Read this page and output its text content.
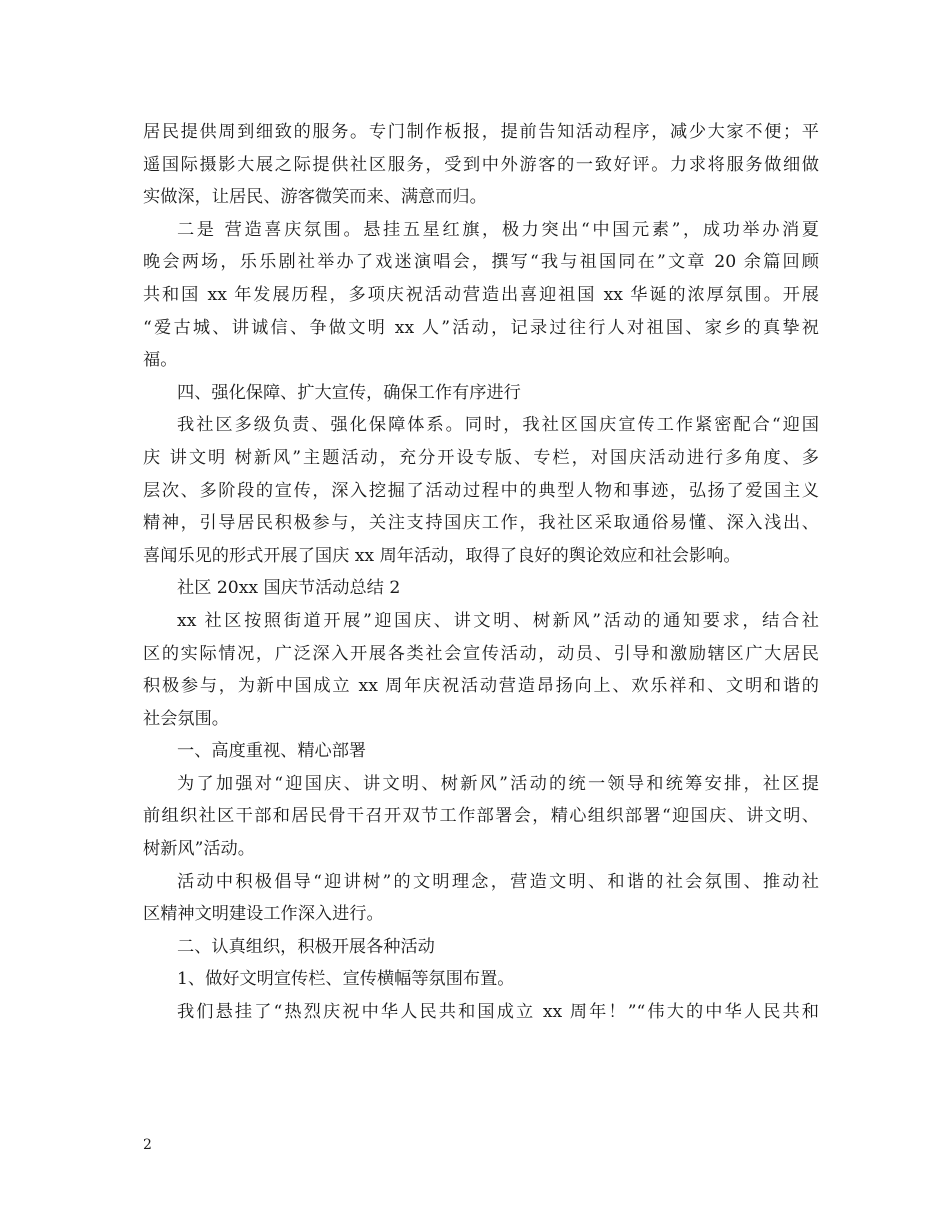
居民提供周到细致的服务。专门制作板报，提前告知活动程序，减少大家不便；平
遥国际摄影大展之际提供社区服务，受到中外游客的一致好评。力求将服务做细做
实做深，让居民、游客微笑而来、满意而归。
二是 营造喜庆氛围。悬挂五星红旗，极力突出“中国元素”，成功举办消夏
晚会两场，乐乐剧社举办了戏迷演唱会，撰写“我与祖国同在”文章 20 余篇回顾
共和国 xx 年发展历程，多项庆祝活动营造出喜迎祖国 xx 华诞的浓厚氛围。开展
“爱古城、讲诚信、争做文明 xx 人”活动，记录过往行人对祖国、家乡的真挚祝
福。
四、强化保障、扩大宣传，确保工作有序进行
我社区多级负责、强化保障体系。同时，我社区国庆宣传工作紧密配合“迎国
庆 讲文明 树新风”主题活动，充分开设专版、专栏，对国庆活动进行多角度、多
层次、多阶段的宣传，深入挖掘了活动过程中的典型人物和事迹，弘扬了爱国主义
精神，引导居民积极参与，关注支持国庆工作，我社区采取通俗易懂、深入浅出、
喜闻乐见的形式开展了国庆 xx 周年活动，取得了良好的舆论效应和社会影响。
社区 20xx 国庆节活动总结 2
xx 社区按照街道开展”迎国庆、讲文明、树新风”活动的通知要求，结合社
区的实际情况，广泛深入开展各类社会宣传活动，动员、引导和激励辖区广大居民
积极参与，为新中国成立 xx 周年庆祝活动营造昂扬向上、欢乐祥和、文明和谐的
社会氛围。
一、高度重视、精心部署
为了加强对“迎国庆、讲文明、树新风”活动的统一领导和统筹安排，社区提
前组织社区干部和居民骨干召开双节工作部署会，精心组织部署“迎国庆、讲文明、
树新风”活动。
活动中积极倡导“迎讲树”的文明理念，营造文明、和谐的社会氛围、推动社
区精神文明建设工作深入进行。
二、认真组织，积极开展各种活动
1、做好文明宣传栏、宣传横幅等氛围布置。
我们悬挂了“热烈庆祝中华人民共和国成立 xx 周年！”“伟大的中华人民共和
2
